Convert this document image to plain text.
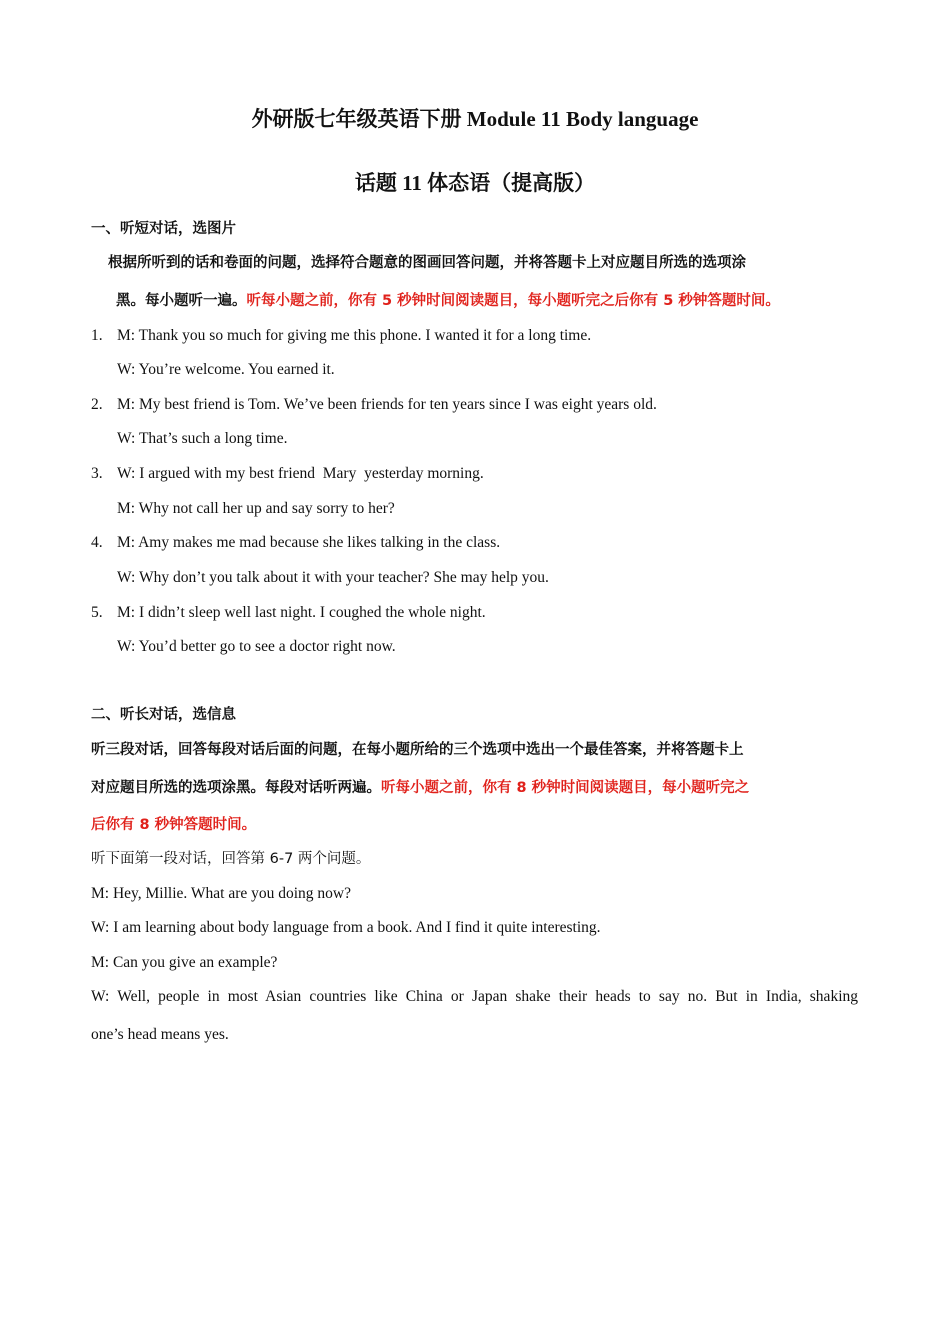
外研版七年级英语下册 Module 11 Body language
话题 11 体态语（提高版）
一、听短对话，选图片
根据所听到的话和卷面的问题，选择符合题意的图画回答问题，并将答题卡上对应题目所选的选项涂
黑。每小题听一遍。听每小题之前，你有 5 秒钟时间阅读题目，每小题听完之后你有 5 秒钟答题时间。
1. M: Thank you so much for giving me this phone. I wanted it for a long time.
W: You’re welcome. You earned it.
2. M: My best friend is Tom. We’ve been friends for ten years since I was eight years old.
W: That’s such a long time.
3. W: I argued with my best friend  Mary  yesterday morning.
M: Why not call her up and say sorry to her?
4. M: Amy makes me mad because she likes talking in the class.
W: Why don’t you talk about it with your teacher? She may help you.
5. M: I didn’t sleep well last night. I coughed the whole night.
W: You’d better go to see a doctor right now.
二、听长对话，选信息
听三段对话，回答每段对话后面的问题，在每小题所给的三个选项中选出一个最佳答案，并将答题卡上
对应题目所选的选项涂黑。每段对话听两遍。听每小题之前，你有 8 秒钟时间阅读题目，每小题听完之
后你有 8 秒钟答题时间。
听下面第一段对话，回答第 6-7 两个问题。
M: Hey, Millie. What are you doing now?
W: I am learning about body language from a book. And I find it quite interesting.
M: Can you give an example?
W: Well, people in most Asian countries like China or Japan shake their heads to say no. But in India, shaking
one’s head means yes.
